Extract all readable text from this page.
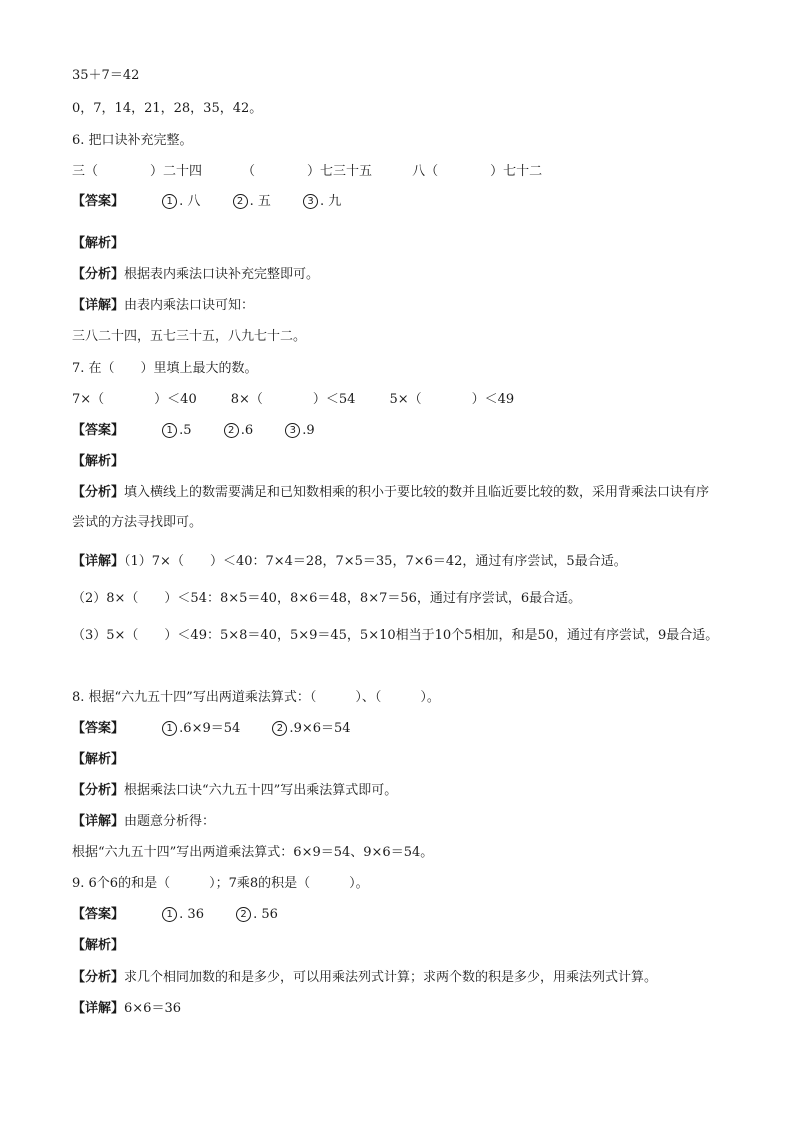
35＋7＝42
0，7，14，21，28，35，42。
6. 把口诀补充完整。
三（	）二十四	（	）七三十五	八（	）七十二
【答案】	1 . 八	2 . 五	3 . 九
【解析】
【分析】根据表内乘法口诀补充完整即可。
【详解】由表内乘法口诀可知：
三八二十四，五七三十五，八九七十二。
7. 在（　　）里填上最大的数。
7×（	）＜40	8×（	）＜54	5×（	）＜49
【答案】	1 .5	2 .6	3 .9
【解析】
【分析】填入横线上的数需要满足和已知数相乘的积小于要比较的数并且临近要比较的数，采用背乘法口诀有序尝试的方法寻找即可。
【详解】（1）7×（　　）＜40：7×4＝28，7×5＝35，7×6＝42，通过有序尝试，5最合适。
（2）8×（　　）＜54：8×5＝40，8×6＝48，8×7＝56，通过有序尝试，6最合适。
（3）5×（　　）＜49：5×8＝40，5×9＝45，5×10相当于10个5相加，和是50，通过有序尝试，9最合适。
8. 根据“六九五十四”写出两道乘法算式：（　　　）、（　　　）。
【答案】	1 .6×9＝54	2 .9×6＝54
【解析】
【分析】根据乘法口诀“六九五十四”写出乘法算式即可。
【详解】由题意分析得：
根据“六九五十四”写出两道乘法算式：6×9＝54、9×6＝54。
9. 6个6的和是（　　　）；7乘8的积是（　　　）。
【答案】	1 . 36	2 . 56
【解析】
【分析】求几个相同加数的和是多少，可以用乘法列式计算；求两个数的积是多少，用乘法列式计算。
【详解】6×6＝36
